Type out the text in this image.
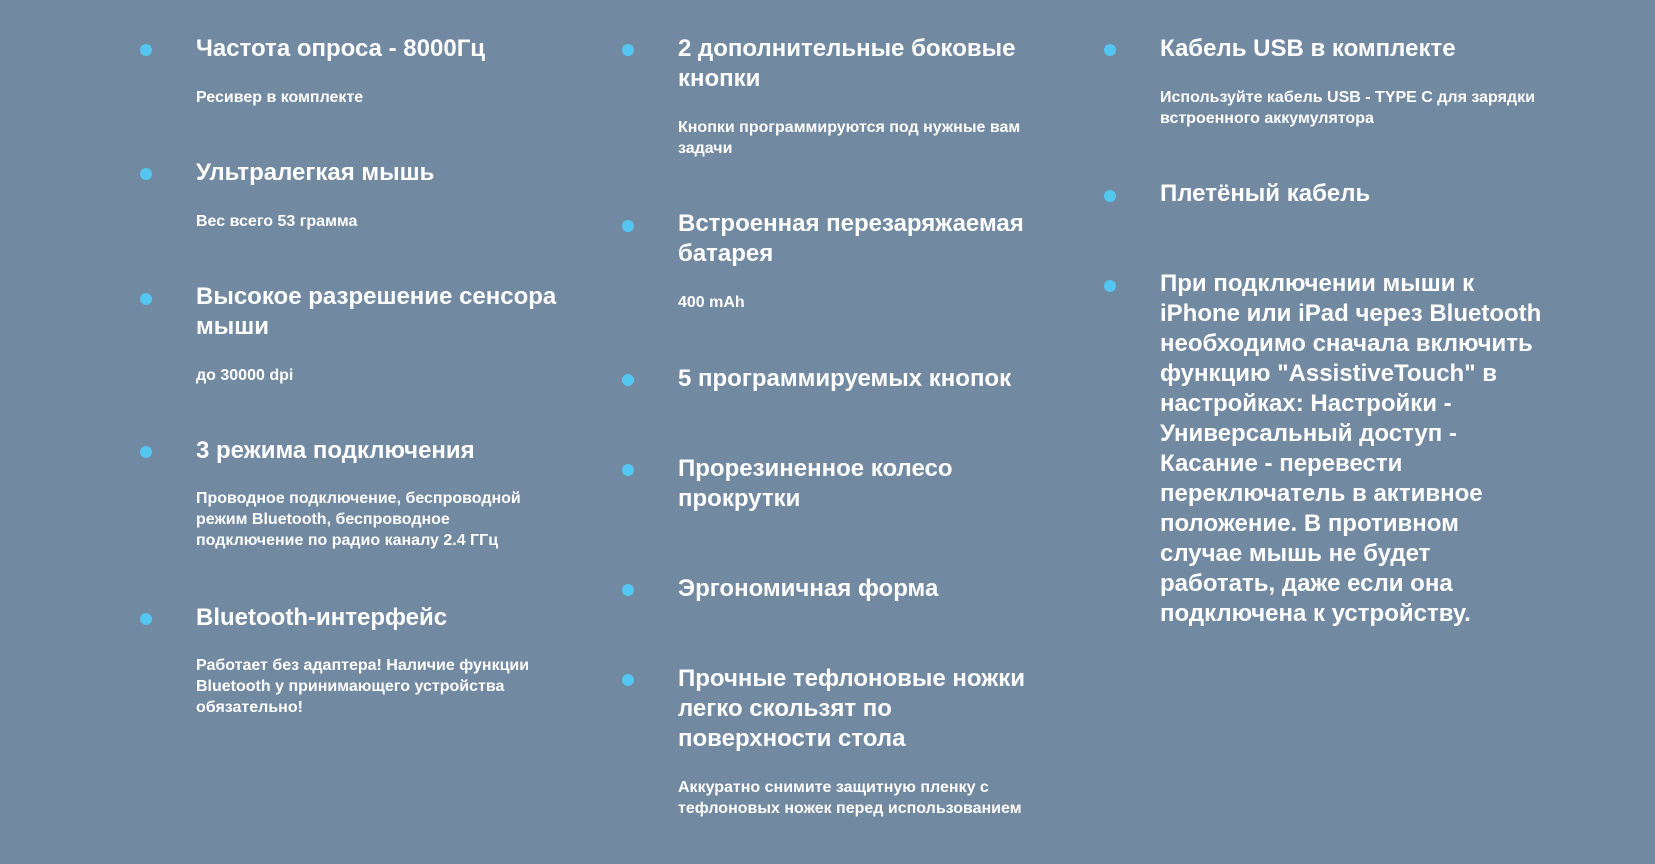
Частота опроса - 8000Гц

Ресивер в комплекте

Ультралегкая мышь

Вес всего 53 грамма

Высокое разрешение сенсора мыши

до 30000 dpi

3 режима подключения

Проводное подключение, беспроводной режим Bluetooth, беспроводное подключение по радио каналу 2.4 ГГц

Bluetooth-интерфейс

Работает без адаптера! Наличие функции Bluetooth у принимающего устройства обязательно!

2 дополнительные боковые кнопки

Кнопки программируются под нужные вам задачи

Встроенная перезаряжаемая батарея

400 mAh

5 программируемых кнопок
Прорезиненное колесо прокрутки
Эргономичная форма
Прочные тефлоновые ножки легко скользят по поверхности стола

Аккуратно снимите защитную пленку с тефлоновых ножек перед использованием

Кабель USB в комплекте

Используйте кабель USB - TYPE C для зарядки встроенного аккумулятора

Плетёный кабель
При подключении мыши к iPhone или iPad через Bluetooth необходимо сначала включить функцию "AssistiveTouch" в настройках: Настройки - Универсальный доступ - Касание - перевести переключатель в активное положение. В противном случае мышь не будет работать, даже если она подключена к устройству.
